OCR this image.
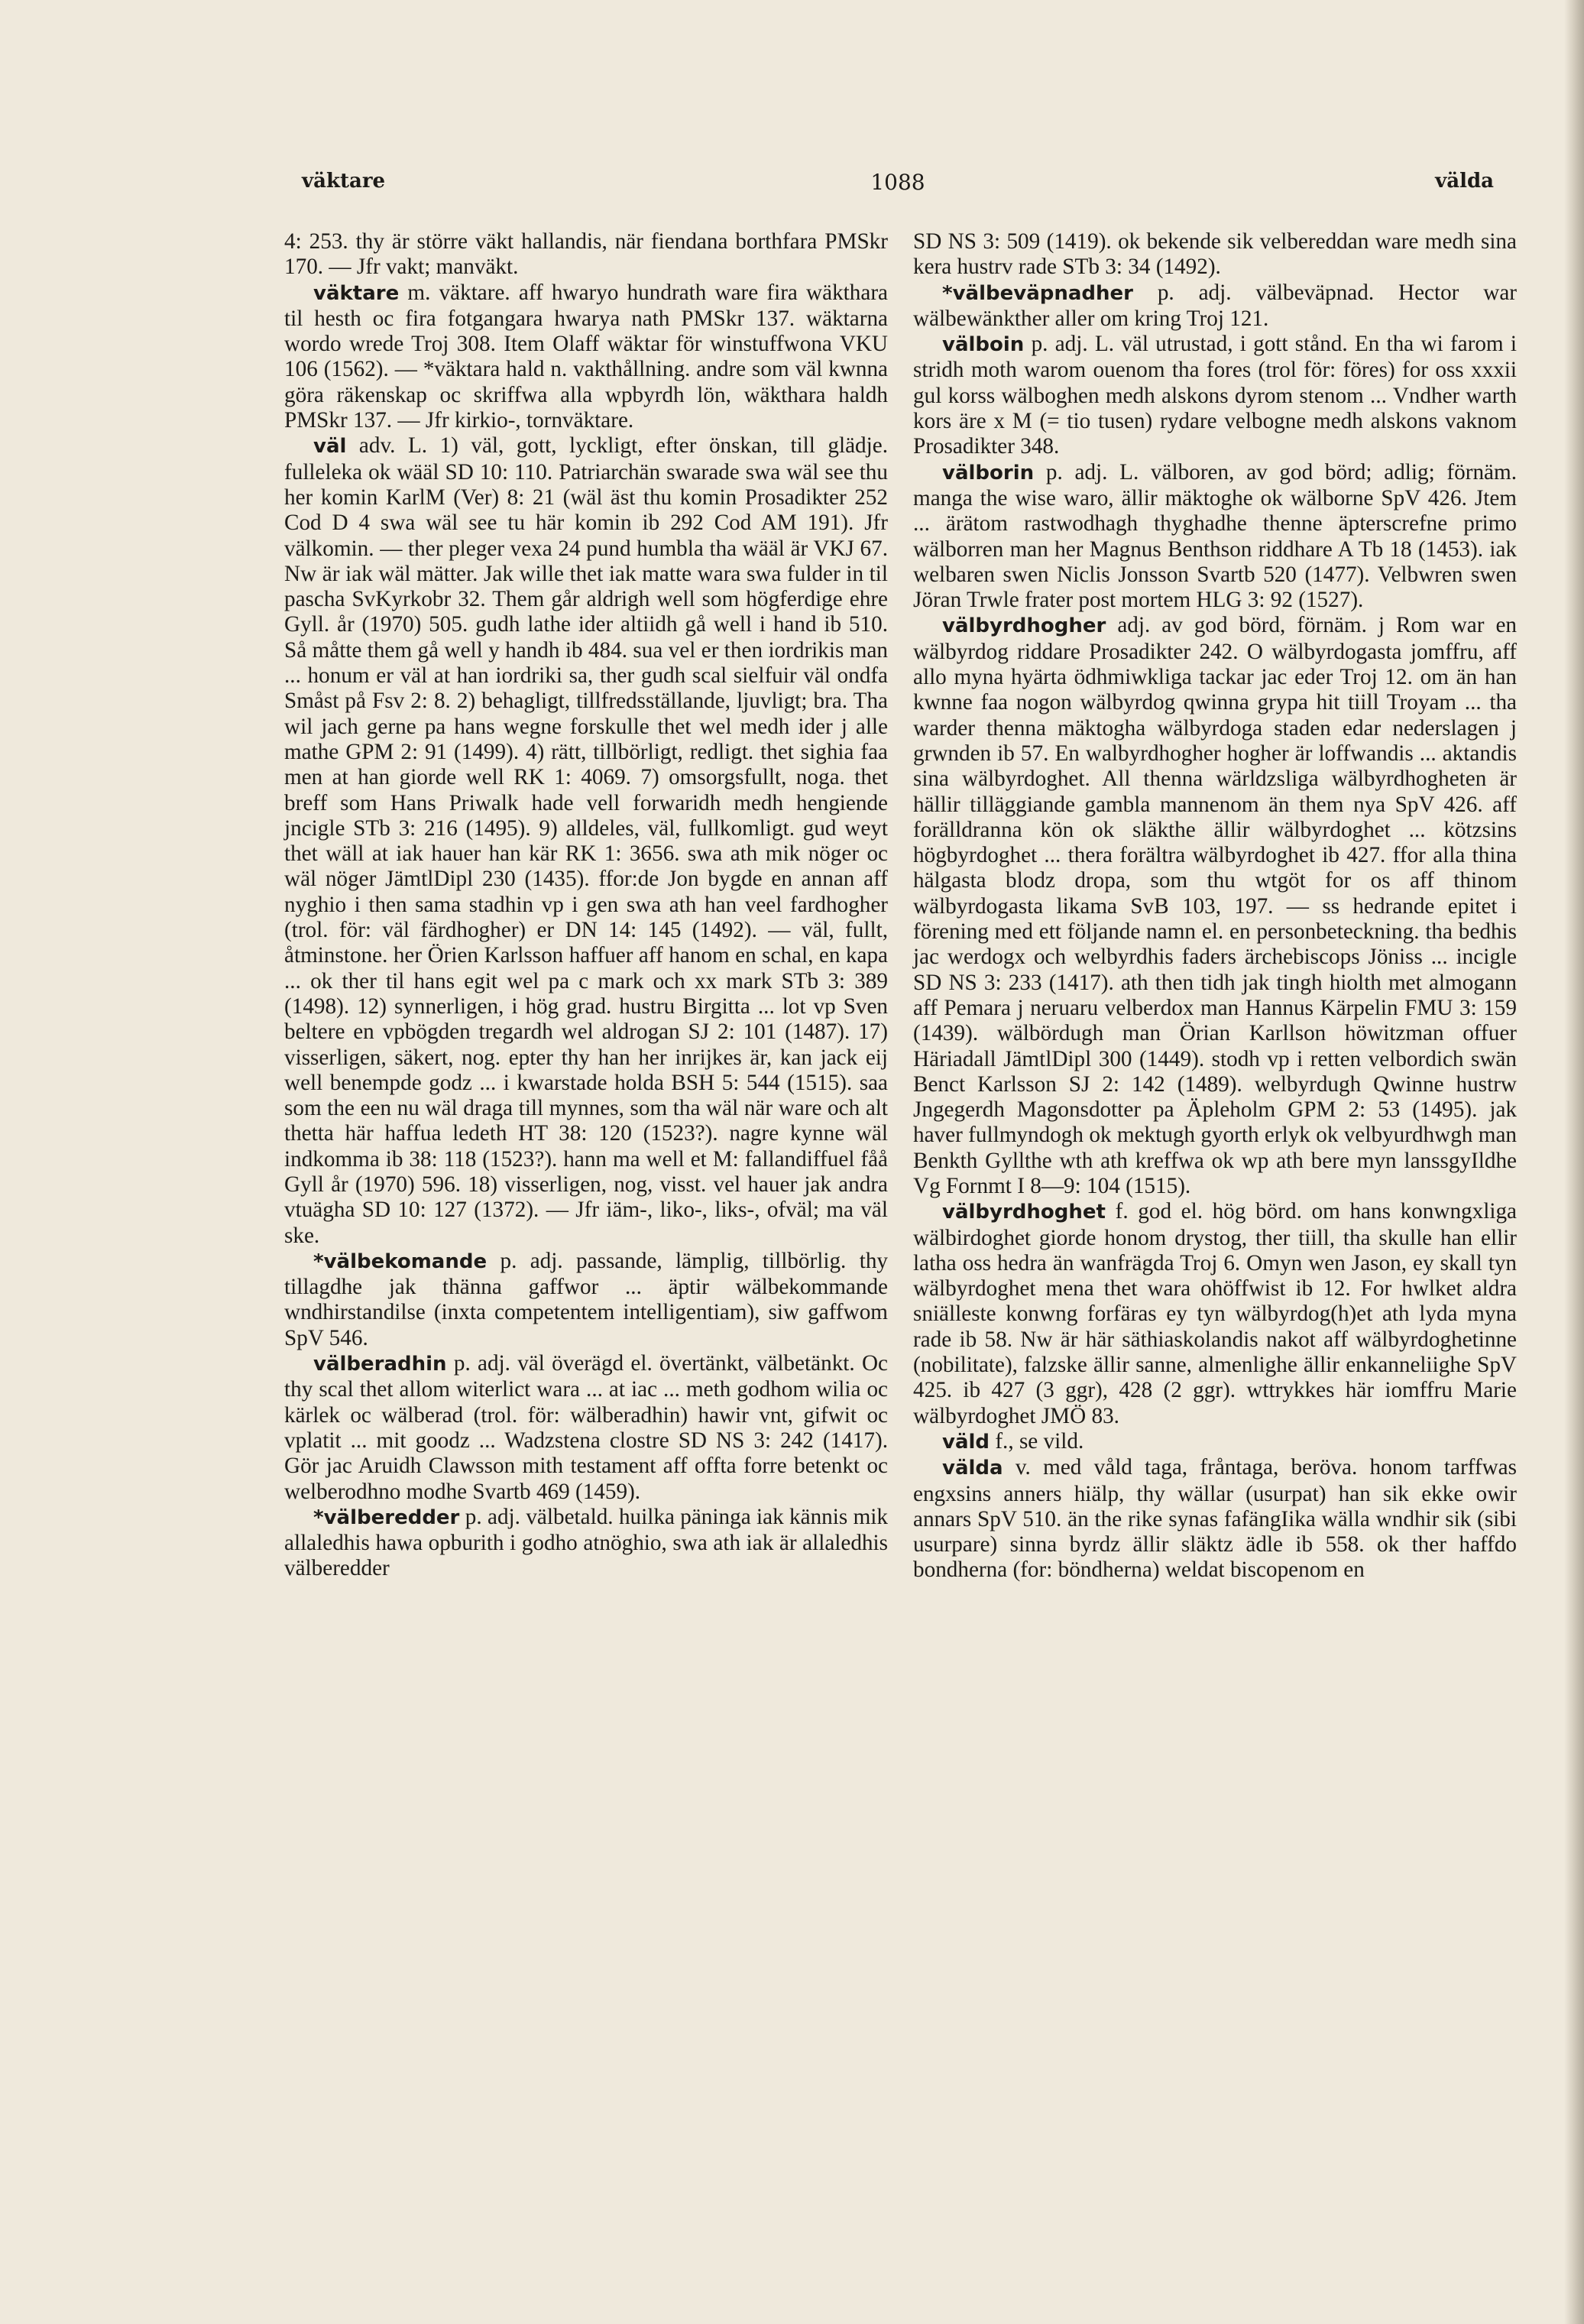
väktare	1088	välda

4: 253. thy är större väkt hallandis, när fiendana borthfara PMSkr 170. — Jfr vakt; manväkt.

väktare m. väktare. aff hwaryo hundrath ware fira wäkthara til hesth oc fira fotgangara hwarya nath PMSkr 137. wäktarna wordo wrede Troj 308. Item Olaff wäktar för winstuffwona VKU 106 (1562). — *väktara hald n. vakthållning. andre som väl kwnna göra räkenskap oc skriffwa alla wpbyrdh lön, wäkthara haldh PMSkr 137. — Jfr kirkio-, tornväktare.

väl adv. L. 1) väl, gott, lyckligt, efter önskan, till glädje. fulleleka ok wääl SD 10: 110. Patriarchän swarade swa wäl see thu her komin KarlM (Ver) 8: 21 (wäl äst thu komin Prosadikter 252 Cod D 4 swa wäl see tu här komin ib 292 Cod AM 191). Jfr välkomin. — ther pleger vexa 24 pund humbla tha wääl är VKJ 67. Nw är iak wäl mätter. Jak wille thet iak matte wara swa fulder in til pascha SvKyrkobr 32. Them går aldrigh well som högferdige ehre Gyll. år (1970) 505. gudh lathe ider altiidh gå well i hand ib 510. Så måtte them gå well y handh ib 484. sua vel er then iordrikis man ... honum er väl at han iordriki sa, ther gudh scal sielfuir väl ondfa Småst på Fsv 2: 8. 2) behagligt, tillfredsställande, ljuvligt; bra. Tha wil jach gerne pa hans wegne forskulle thet wel medh ider j alle mathe GPM 2: 91 (1499). 4) rätt, tillbörligt, redligt. thet sighia faa men at han giorde well RK 1: 4069. 7) omsorgsfullt, noga. thet breff som Hans Priwalk hade vell forwaridh medh hengiende jncigle STb 3: 216 (1495). 9) alldeles, väl, fullkomligt. gud weyt thet wäll at iak hauer han kär RK 1: 3656. swa ath mik nöger oc wäl nöger JämtlDipl 230 (1435). ffor:de Jon bygde en annan aff nyghio i then sama stadhin vp i gen swa ath han veel fardhogher (trol. för: väl färdhogher) er DN 14: 145 (1492). — väl, fullt, åtminstone. her Örien Karlsson haffuer aff hanom en schal, en kapa ... ok ther til hans egit wel pa c mark och xx mark STb 3: 389 (1498). 12) synnerligen, i hög grad. hustru Birgitta ... lot vp Sven beltere en vpbögden tregardh wel aldrogan SJ 2: 101 (1487). 17) visserligen, säkert, nog. epter thy han her inrijkes är, kan jack eij well benempde godz ... i kwarstade holda BSH 5: 544 (1515). saa som the een nu wäl draga till mynnes, som tha wäl när ware och alt thetta här haffua ledeth HT 38: 120 (1523?). nagre kynne wäl indkomma ib 38: 118 (1523?). hann ma well et M: fallandiffuel fåå Gyll år (1970) 596. 18) visserligen, nog, visst. vel hauer jak andra vtuägha SD 10: 127 (1372). — Jfr iäm-, liko-, liks-, ofväl; ma väl ske.

*välbekomande p. adj. passande, lämplig, tillbörlig. thy tillagdhe jak thänna gaffwor ... äptir wälbekommande wndhirstandilse (inxta competentem intelligentiam), siw gaffwom SpV 546.

välberadhin p. adj. väl överägd el. övertänkt, välbetänkt. Oc thy scal thet allom witerlict wara ... at iac ... meth godhom wilia oc kärlek oc wälberad (trol. för: wälberadhin) hawir vnt, gifwit oc vplatit ... mit goodz ... Wadzstena clostre SD NS 3: 242 (1417). Gör jac Aruidh Clawsson mith testament aff offta forre betenkt oc welberodhno modhe Svartb 469 (1459).

*välberedder p. adj. välbetald. huilka päninga iak kännis mik allaledhis hawa opburith i godho atnöghio, swa ath iak är allaledhis välberedder

SD NS 3: 509 (1419). ok bekende sik velbereddan ware medh sina kera hustrv rade STb 3: 34 (1492).

*välbeväpnadher p. adj. välbeväpnad. Hector war wälbewänkther aller om kring Troj 121.

välboin p. adj. L. väl utrustad, i gott stånd. En tha wi farom i stridh moth warom ouenom tha fores (trol för: föres) for oss xxxii gul korss wälboghen medh alskons dyrom stenom ... Vndher warth kors äre x M (= tio tusen) rydare velbogne medh alskons vaknom Prosadikter 348.

välborin p. adj. L. välboren, av god börd; adlig; förnäm. manga the wise waro, ällir mäktoghe ok wälborne SpV 426. Jtem ... ärätom rastwodhagh thyghadhe thenne äpterscrefne primo wälborren man her Magnus Benthson riddhare A Tb 18 (1453). iak welbaren swen Niclis Jonsson Svartb 520 (1477). Velbwren swen Jöran Trwle frater post mortem HLG 3: 92 (1527).

välbyrdhogher adj. av god börd, förnäm. j Rom war en wälbyrdog riddare Prosadikter 242. O wälbyrdogasta jomffru, aff allo myna hyärta ödhmiwkliga tackar jac eder Troj 12. om än han kwnne faa nogon wälbyrdog qwinna grypa hit tiill Troyam ... tha warder thenna mäktogha wälbyrdoga staden edar nederslagen j grwnden ib 57. En walbyrdhogher hogher är loffwandis ... aktandis sina wälbyrdoghet. All thenna wärldzsliga wälbyrdhogheten är hällir tilläggiande gambla mannenom än them nya SpV 426. aff forälldranna kön ok släkthe ällir wälbyrdoghet ... kötzsins högbyrdoghet ... thera forältra wälbyrdoghet ib 427. ffor alla thina hälgasta blodz dropa, som thu wtgöt for os aff thinom wälbyrdogasta likama SvB 103, 197. — ss hedrande epitet i förening med ett följande namn el. en personbeteckning. tha bedhis jac werdogx och welbyrdhis faders ärchebiscops Jöniss ... incigle SD NS 3: 233 (1417). ath then tidh jak tingh hiolth met almogann aff Pemara j neruaru velberdox man Hannus Kärpelin FMU 3: 159 (1439). wälbördugh man Örian Karllson höwitzman offuer Häriadall JämtlDipl 300 (1449). stodh vp i retten velbordich swän Benct Karlsson SJ 2: 142 (1489). welbyrdugh Qwinne hustrw Jngegerdh Magonsdotter pa Äpleholm GPM 2: 53 (1495). jak haver fullmyndogh ok mektugh gyorth erlyk ok velbyurdhwgh man Benkth Gyllthe wth ath kreffwa ok wp ath bere myn lanssgyIldhe Vg Fornmt I 8—9: 104 (1515).

välbyrdhoghet f. god el. hög börd. om hans konwngxliga wälbirdoghet giorde honom drystog, ther tiill, tha skulle han ellir latha oss hedra än wanfrägda Troj 6. Omyn wen Jason, ey skall tyn wälbyrdoghet mena thet wara ohöffwist ib 12. For hwlket aldra sniälleste konwng forfäras ey tyn wälbyrdog(h)et ath lyda myna rade ib 58. Nw är här säthiaskolandis nakot aff wälbyrdoghetinne (nobilitate), falzske ällir sanne, almenlighe ällir enkanneliighe SpV 425. ib 427 (3 ggr), 428 (2 ggr). wttrykkes här iomffru Marie wälbyrdoghet JMÖ 83.

väld f., se vild.

välda v. med våld taga, fråntaga, beröva. honom tarffwas engxsins anners hiälp, thy wällar (usurpat) han sik ekke owir annars SpV 510. än the rike synas fafängIika wälla wndhir sik (sibi usurpare) sinna byrdz ällir släktz ädle ib 558. ok ther haffdo bondherna (for: böndherna) weldat biscopenom en
